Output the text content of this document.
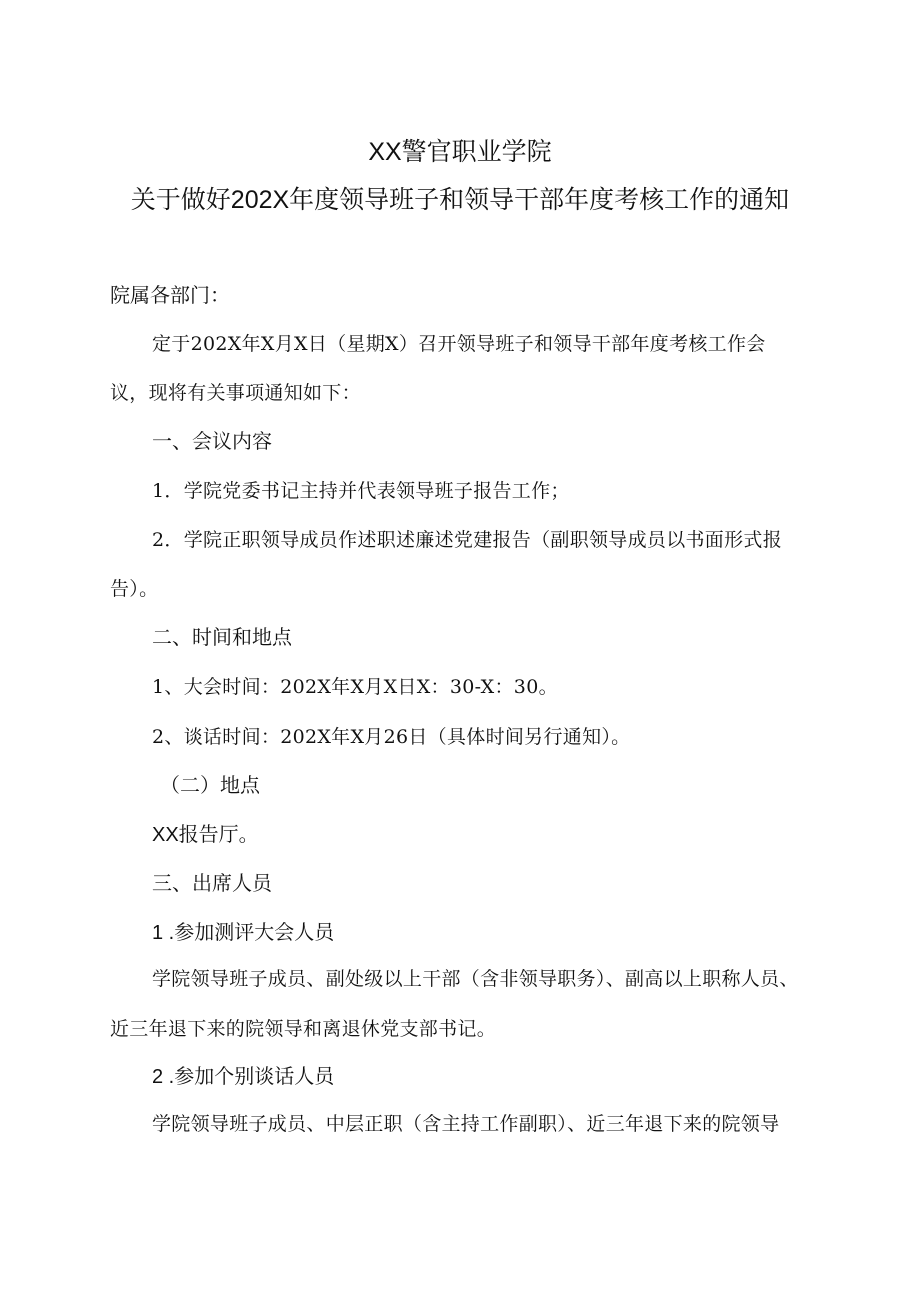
XX警官职业学院
关于做好202X年度领导班子和领导干部年度考核工作的通知
院属各部门：
定于202X年X月X日（星期X）召开领导班子和领导干部年度考核工作会
议，现将有关事项通知如下：
一、会议内容
1．学院党委书记主持并代表领导班子报告工作；
2．学院正职领导成员作述职述廉述党建报告（副职领导成员以书面形式报
告）。
二、时间和地点
1、大会时间：202X年X月X日X：30-X：30。
2、谈话时间：202X年X月26日（具体时间另行通知）。
（二）地点
XX报告厅。
三、出席人员
1 .参加测评大会人员
学院领导班子成员、副处级以上干部（含非领导职务）、副高以上职称人员、
近三年退下来的院领导和离退休党支部书记。
2 .参加个别谈话人员
学院领导班子成员、中层正职（含主持工作副职）、近三年退下来的院领导
